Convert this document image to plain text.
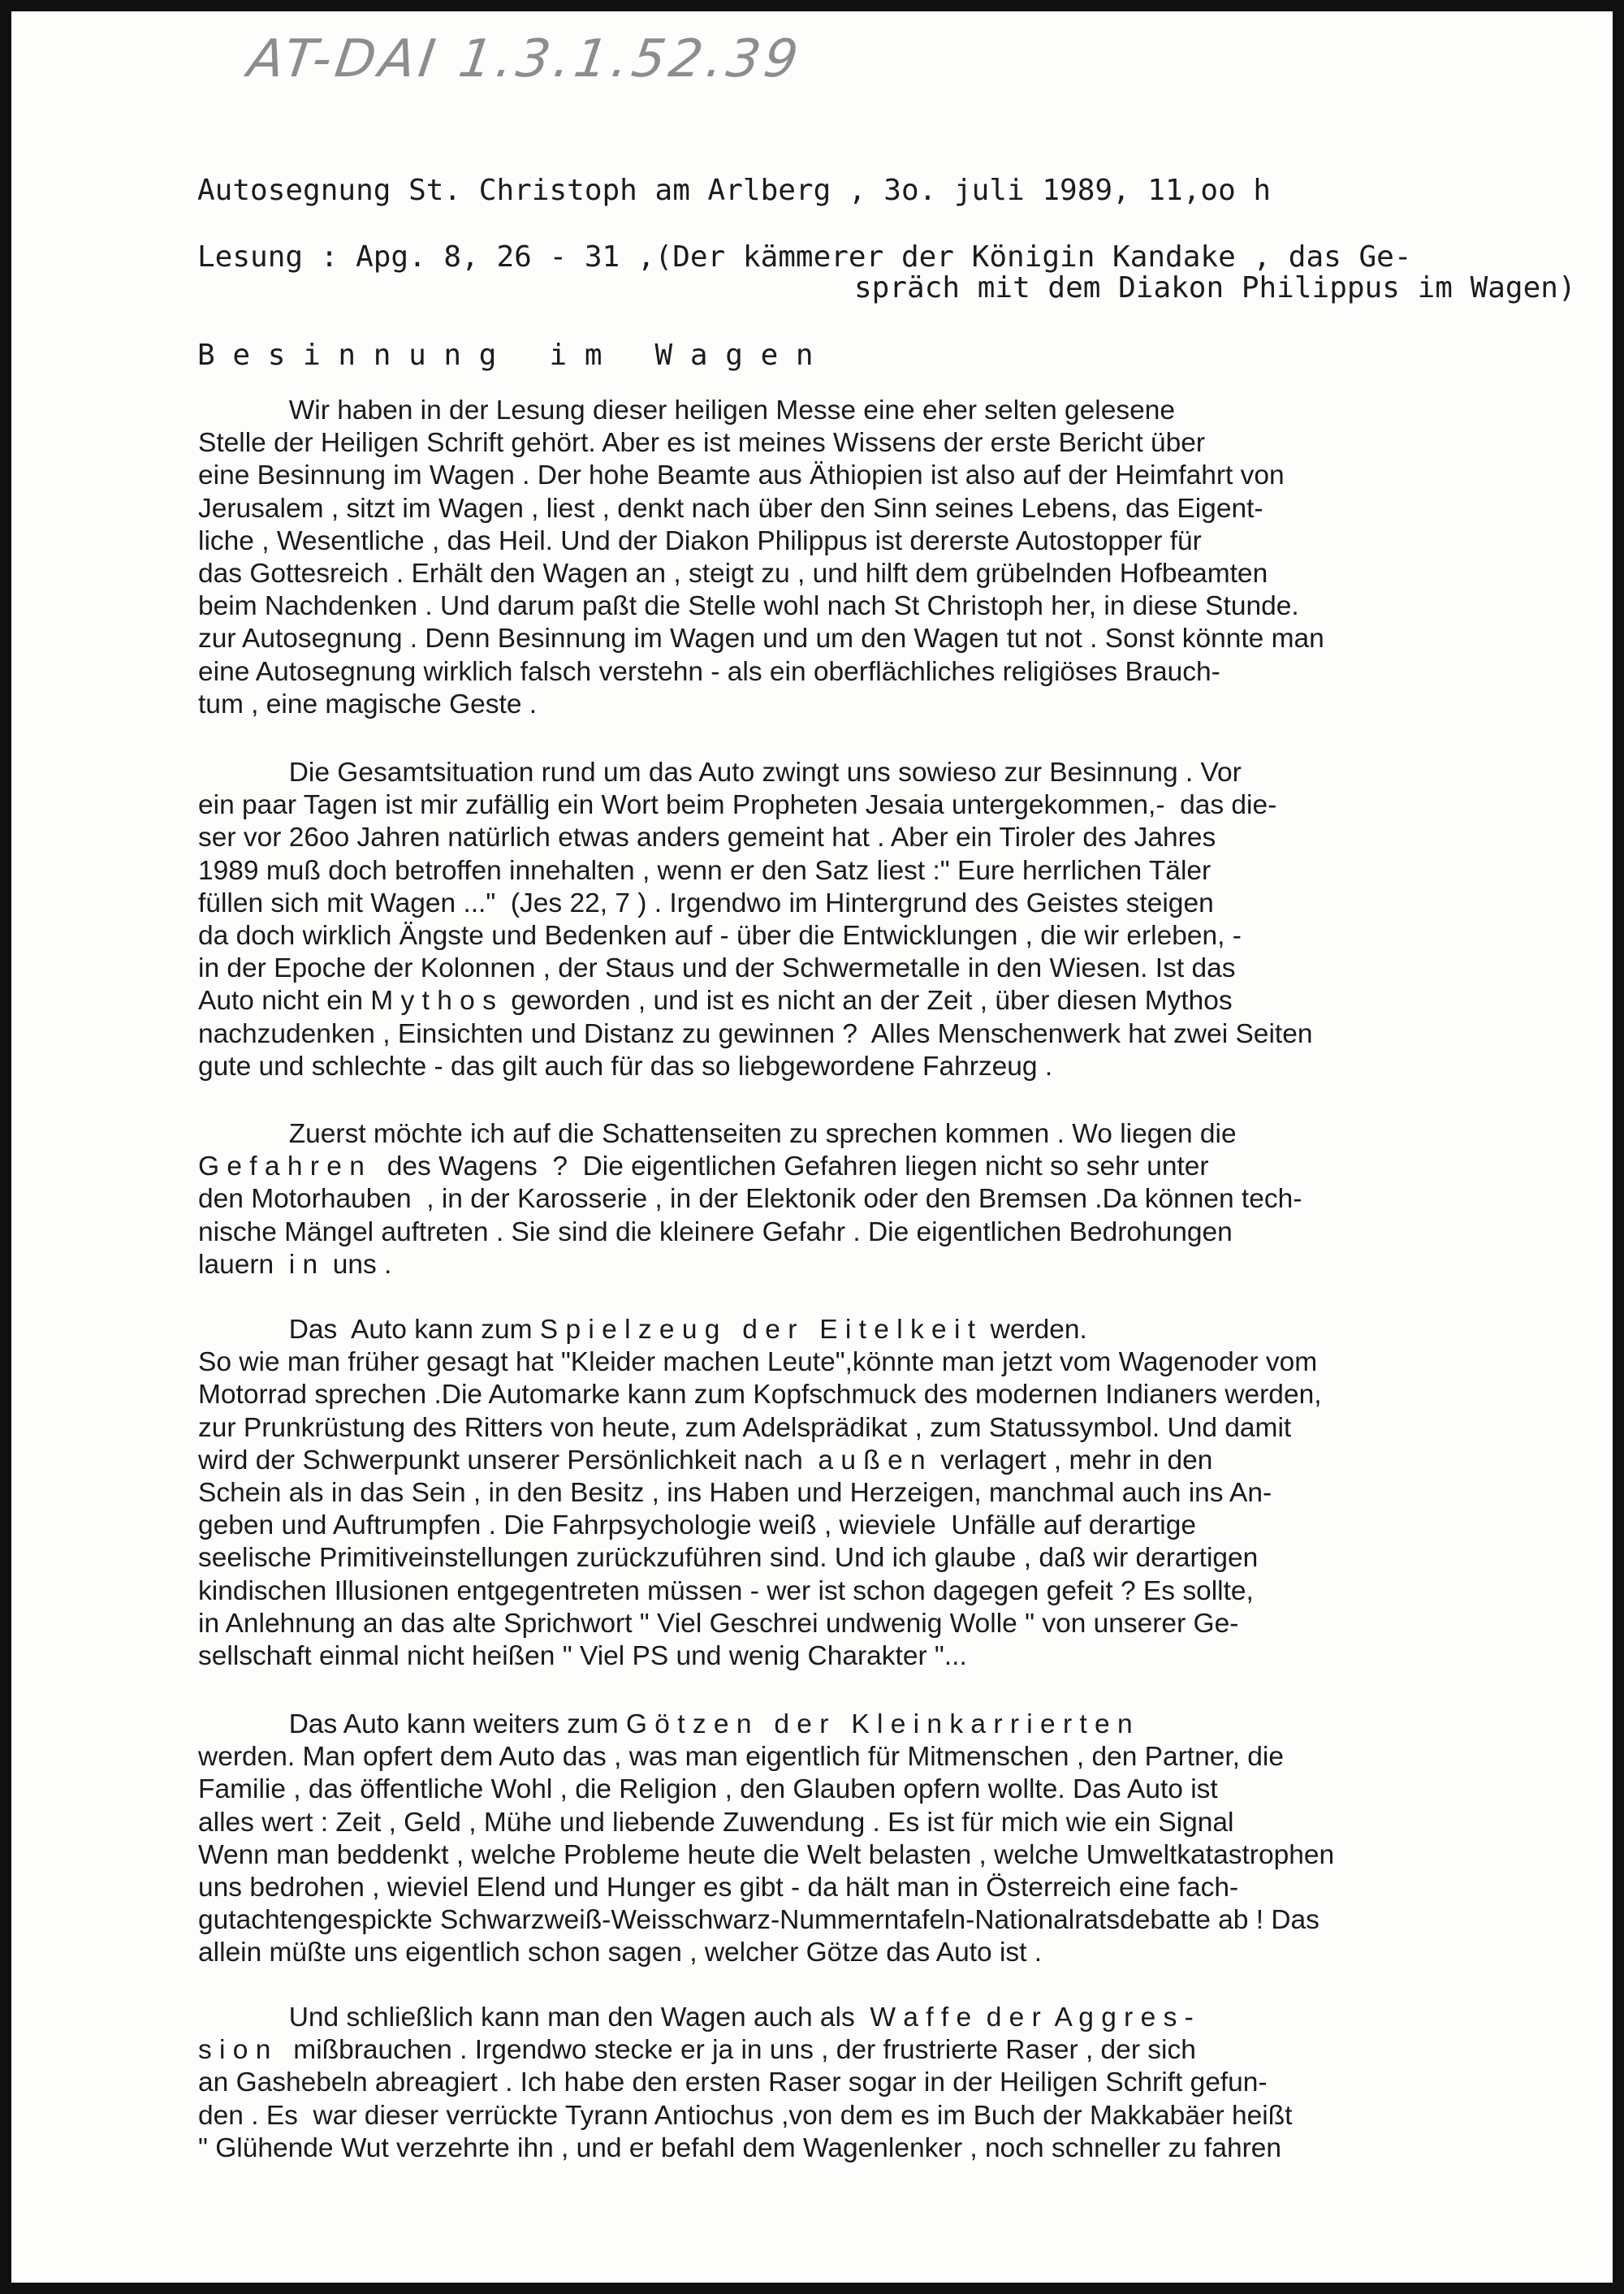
AT-DAI 1.3.1.52.39
Autosegnung St. Christoph am Arlberg , 3o. juli 1989, 11,oo h
Lesung : Apg. 8, 26 - 31 ,(Der kämmerer der Königin Kandake , das Ge-
spräch mit dem Diakon Philippus im Wagen)
B e s i n n u n g   i m   W a g e n
Wir haben in der Lesung dieser heiligen Messe eine eher selten gelesene
Stelle der Heiligen Schrift gehört. Aber es ist meines Wissens der erste Bericht über
eine Besinnung im Wagen . Der hohe Beamte aus Äthiopien ist also auf der Heimfahrt von
Jerusalem , sitzt im Wagen , liest , denkt nach über den Sinn seines Lebens, das Eigent-
liche , Wesentliche , das Heil. Und der Diakon Philippus ist dererste Autostopper für
das Gottesreich . Erhält den Wagen an , steigt zu , und hilft dem grübelnden Hofbeamten
beim Nachdenken . Und darum paßt die Stelle wohl nach St Christoph her, in diese Stunde.
zur Autosegnung . Denn Besinnung im Wagen und um den Wagen tut not . Sonst könnte man
eine Autosegnung wirklich falsch verstehn - als ein oberflächliches religiöses Brauch-
tum , eine magische Geste .
Die Gesamtsituation rund um das Auto zwingt uns sowieso zur Besinnung . Vor
ein paar Tagen ist mir zufällig ein Wort beim Propheten Jesaia untergekommen,-  das die-
ser vor 26oo Jahren natürlich etwas anders gemeint hat . Aber ein Tiroler des Jahres
1989 muß doch betroffen innehalten , wenn er den Satz liest :" Eure herrlichen Täler
füllen sich mit Wagen ..."  (Jes 22, 7 ) . Irgendwo im Hintergrund des Geistes steigen
da doch wirklich Ängste und Bedenken auf - über die Entwicklungen , die wir erleben, -
in der Epoche der Kolonnen , der Staus und der Schwermetalle in den Wiesen. Ist das
Auto nicht ein M y t h o s  geworden , und ist es nicht an der Zeit , über diesen Mythos
nachzudenken , Einsichten und Distanz zu gewinnen ?  Alles Menschenwerk hat zwei Seiten
gute und schlechte - das gilt auch für das so liebgewordene Fahrzeug .
Zuerst möchte ich auf die Schattenseiten zu sprechen kommen . Wo liegen die
G e f a h r e n   des Wagens  ?  Die eigentlichen Gefahren liegen nicht so sehr unter
den Motorhauben  , in der Karosserie , in der Elektonik oder den Bremsen .Da können tech-
nische Mängel auftreten . Sie sind die kleinere Gefahr . Die eigentlichen Bedrohungen
lauern  i n  uns .
Das  Auto kann zum S p i e l z e u g   d e r   E i t e l k e i t  werden.
So wie man früher gesagt hat "Kleider machen Leute",könnte man jetzt vom Wagenoder vom
Motorrad sprechen .Die Automarke kann zum Kopfschmuck des modernen Indianers werden,
zur Prunkrüstung des Ritters von heute, zum Adelsprädikat , zum Statussymbol. Und damit
wird der Schwerpunkt unserer Persönlichkeit nach  a u ß e n  verlagert , mehr in den
Schein als in das Sein , in den Besitz , ins Haben und Herzeigen, manchmal auch ins An-
geben und Auftrumpfen . Die Fahrpsychologie weiß , wieviele  Unfälle auf derartige
seelische Primitiveinstellungen zurückzuführen sind. Und ich glaube , daß wir derartigen
kindischen Illusionen entgegentreten müssen - wer ist schon dagegen gefeit ? Es sollte,
in Anlehnung an das alte Sprichwort " Viel Geschrei undwenig Wolle " von unserer Ge-
sellschaft einmal nicht heißen " Viel PS und wenig Charakter "...
Das Auto kann weiters zum G ö t z e n   d e r   K l e i n k a r r i e r t e n
werden. Man opfert dem Auto das , was man eigentlich für Mitmenschen , den Partner, die
Familie , das öffentliche Wohl , die Religion , den Glauben opfern wollte. Das Auto ist
alles wert : Zeit , Geld , Mühe und liebende Zuwendung . Es ist für mich wie ein Signal
Wenn man beddenkt , welche Probleme heute die Welt belasten , welche Umweltkatastrophen
uns bedrohen , wieviel Elend und Hunger es gibt - da hält man in Österreich eine fach-
gutachtengespickte Schwarzweiß-Weisschwarz-Nummerntafeln-Nationalratsdebatte ab ! Das
allein müßte uns eigentlich schon sagen , welcher Götze das Auto ist .
Und schließlich kann man den Wagen auch als  W a f f e  d e r  A g g r e s -
s i o n   mißbrauchen . Irgendwo stecke er ja in uns , der frustrierte Raser , der sich
an Gashebeln abreagiert . Ich habe den ersten Raser sogar in der Heiligen Schrift gefun-
den . Es  war dieser verrückte Tyrann Antiochus ,von dem es im Buch der Makkabäer heißt
" Glühende Wut verzehrte ihn , und er befahl dem Wagenlenker , noch schneller zu fahren
